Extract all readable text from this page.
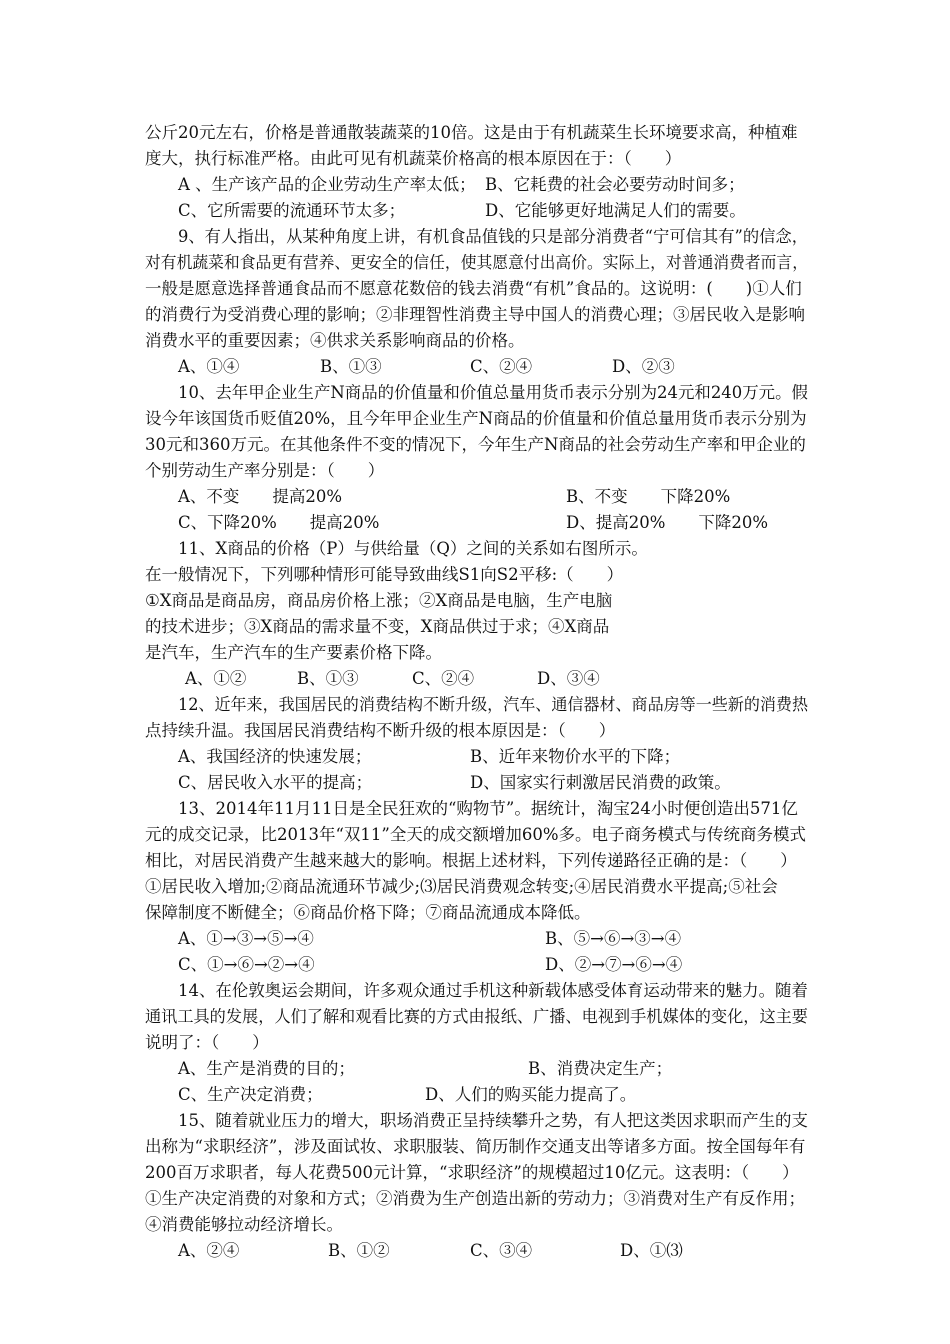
公斤20元左右，价格是普通散装蔬菜的10倍。这是由于有机蔬菜生长环境要求高，种植难
度大，执行标准严格。由此可见有机蔬菜价格高的根本原因在于：（　　）
A 、生产该产品的企业劳动生产率太低； B、它耗费的社会必要劳动时间多；
C、它所需要的流通环节太多；	D、它能够更好地满足人们的需要。
9、有人指出，从某种角度上讲，有机食品值钱的只是部分消费者“宁可信其有”的信念，
对有机蔬菜和食品更有营养、更安全的信任，使其愿意付出高价。实际上，对普通消费者而言，
一般是愿意选择普通食品而不愿意花数倍的钱去消费“有机”食品的。这说明：(　　)①人们
的消费行为受消费心理的影响；②非理智性消费主导中国人的消费心理；③居民收入是影响
消费水平的重要因素；④供求关系影响商品的价格。
A、①④	B、①③	C、②④	D、②③
10、去年甲企业生产N商品的价值量和价值总量用货币表示分别为24元和240万元。假
设今年该国货币贬值20%，且今年甲企业生产N商品的价值量和价值总量用货币表示分别为
30元和360万元。在其他条件不变的情况下，今年生产N商品的社会劳动生产率和甲企业的
个别劳动生产率分别是：（　　）
A、不变　　提高20%	B、不变　　下降20%
C、下降20%　　提高20%	D、提高20%　　下降20%
11、X商品的价格（P）与供给量（Q）之间的关系如右图所示。
在一般情况下，下列哪种情形可能导致曲线S1向S2平移:（　　）
①X商品是商品房，商品房价格上涨；②X商品是电脑，生产电脑
的技术进步；③X商品的需求量不变，X商品供过于求；④X商品
是汽车，生产汽车的生产要素价格下降。
A、①②	B、①③	C、②④	D、③④
12、近年来，我国居民的消费结构不断升级，汽车、通信器材、商品房等一些新的消费热
点持续升温。我国居民消费结构不断升级的根本原因是：（　　）
A、我国经济的快速发展；	B、近年来物价水平的下降；
C、居民收入水平的提高；	D、国家实行刺激居民消费的政策。
13、2014年11月11日是全民狂欢的“购物节”。据统计，淘宝24小时便创造出571亿
元的成交记录，比2013年“双11”全天的成交额增加60%多。电子商务模式与传统商务模式
相比，对居民消费产生越来越大的影响。根据上述材料，下列传递路径正确的是：（　　）
①居民收入增加;②商品流通环节减少;⑶居民消费观念转变;④居民消费水平提高;⑤社会
保障制度不断健全；⑥商品价格下降；⑦商品流通成本降低。
A、①→③→⑤→④	B、⑤→⑥→③→④
C、①→⑥→②→④	D、②→⑦→⑥→④
14、在伦敦奥运会期间，许多观众通过手机这种新载体感受体育运动带来的魅力。随着
通讯工具的发展，人们了解和观看比赛的方式由报纸、广播、电视到手机媒体的变化，这主要
说明了：（　　）
A、生产是消费的目的；	B、消费决定生产；
C、生产决定消费；	D、人们的购买能力提高了。
15、随着就业压力的增大，职场消费正呈持续攀升之势，有人把这类因求职而产生的支
出称为“求职经济”，涉及面试妆、求职服装、简历制作交通支出等诸多方面。按全国每年有
200百万求职者，每人花费500元计算，“求职经济”的规模超过10亿元。这表明：（　　）
①生产决定消费的对象和方式；②消费为生产创造出新的劳动力；③消费对生产有反作用；
④消费能够拉动经济增长。
A、②④	B、①②	C、③④	D、①⑶
